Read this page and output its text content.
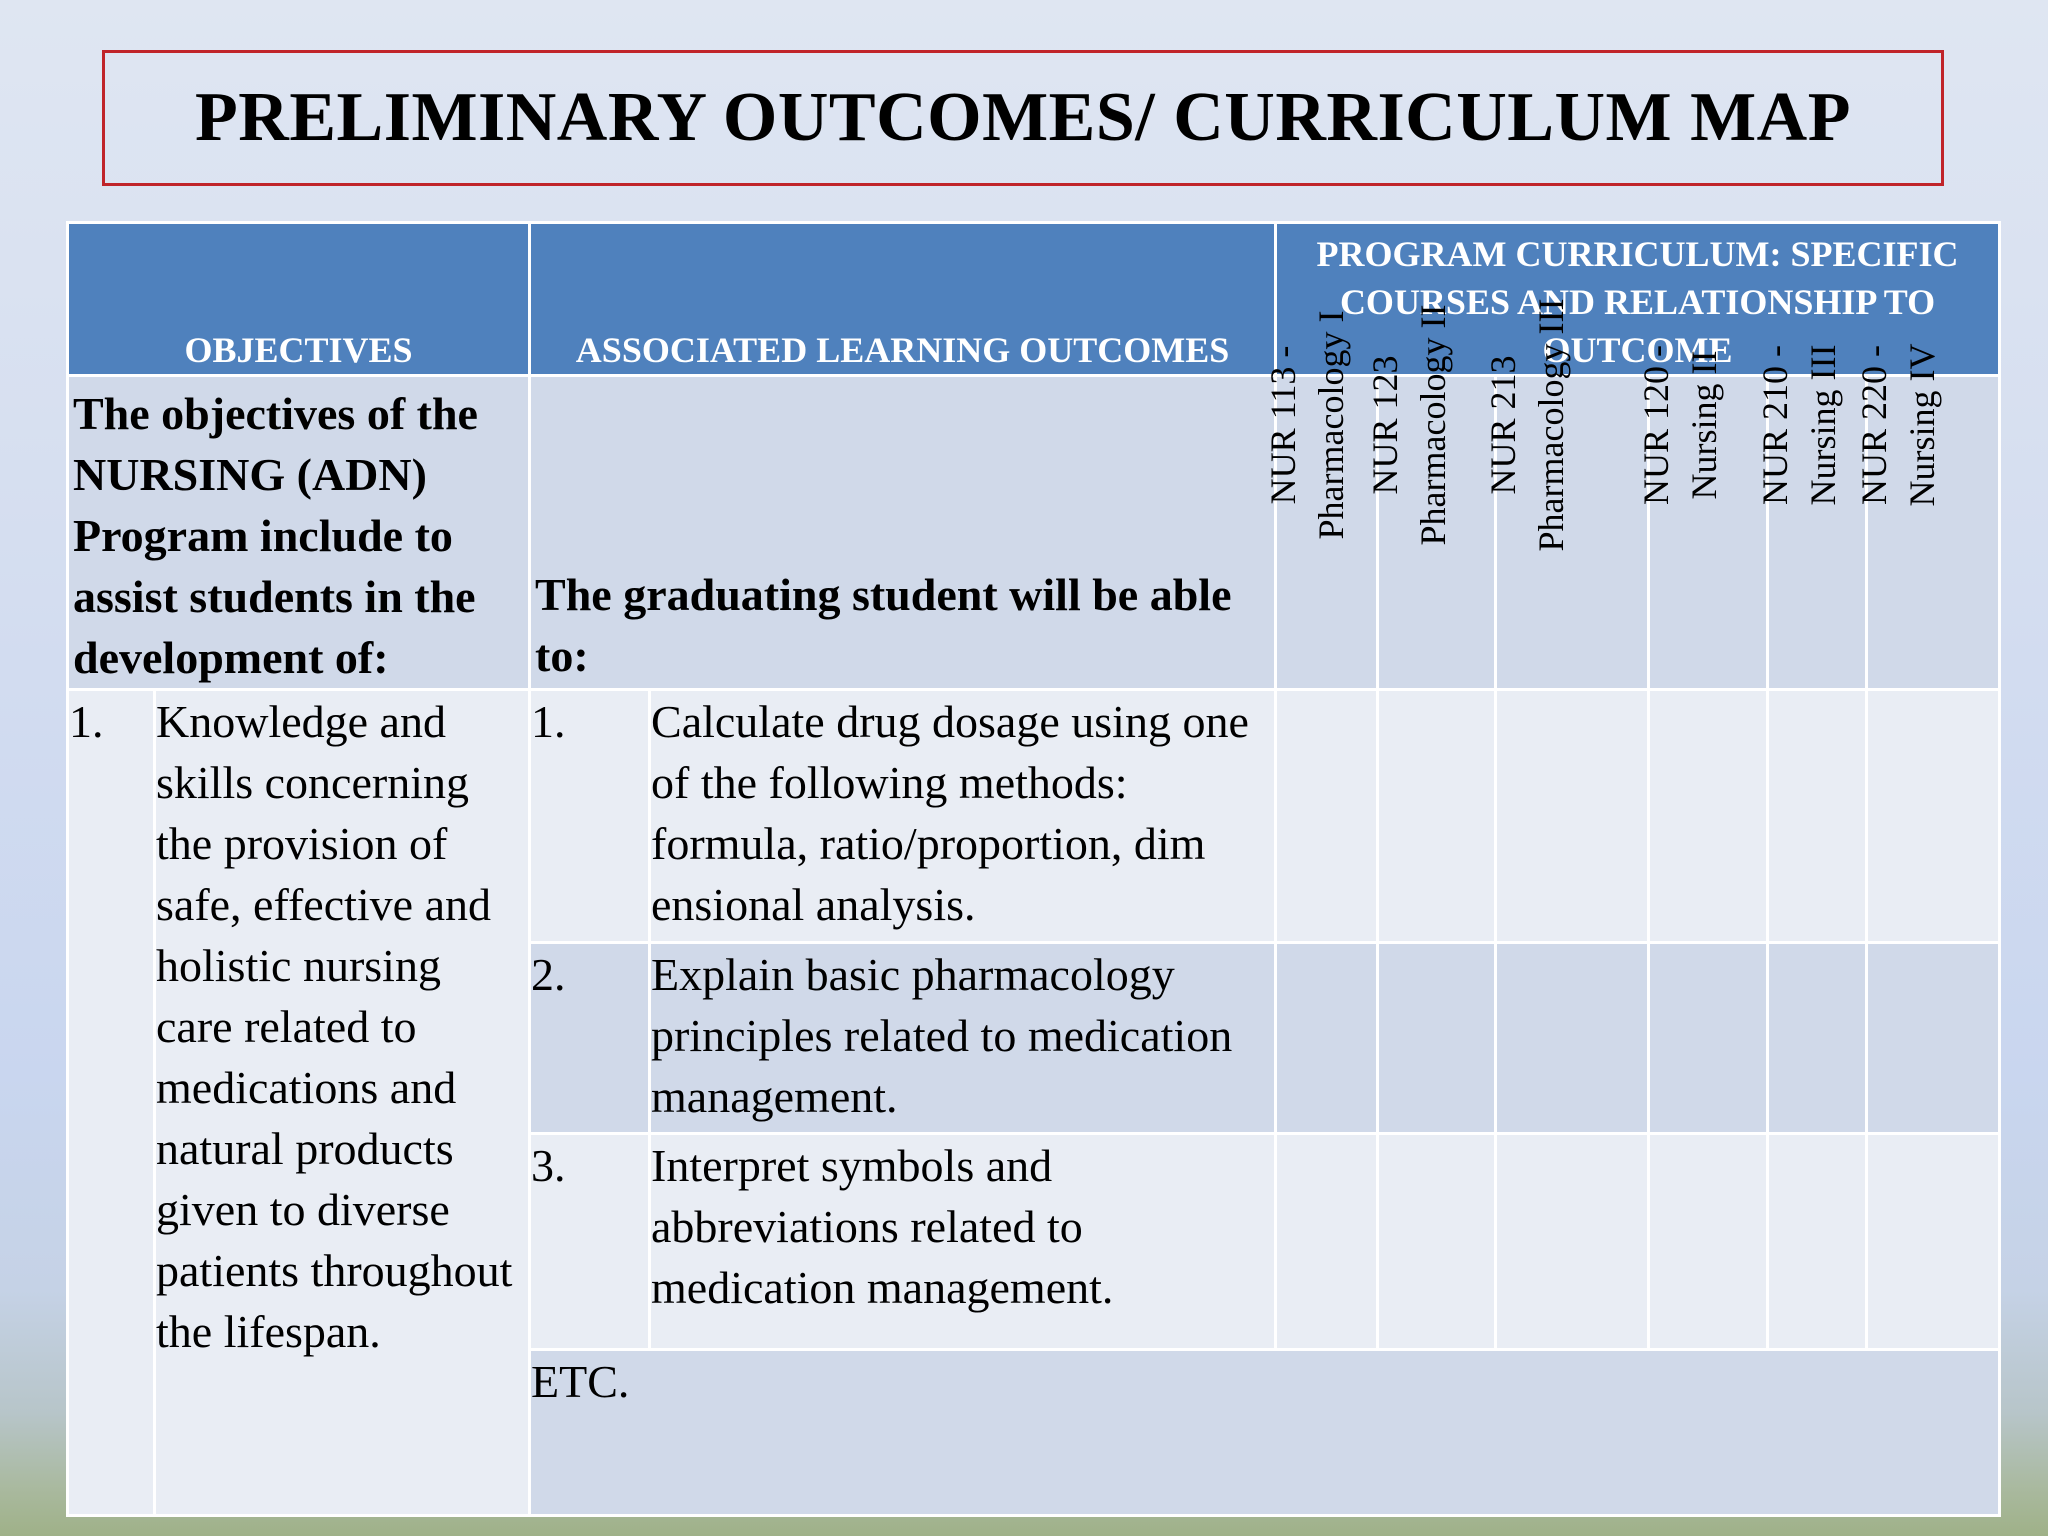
PRELIMINARY OUTCOMES/ CURRICULUM MAP
OBJECTIVES		ASSOCIATED LEARNING OUTCOMES		PROGRAM CURRICULUM: SPECIFIC COURSES AND RELATIONSHIP TO OUTCOME					
The objectives of the NURSING (ADN) Program include to assist students in the development of:		The graduating student will be able to:		NUR 113 - Pharmacology I	NUR 123 Pharmacology II	NUR 213 Pharmacology III	NUR 120 - Nursing II	NUR 210 - Nursing III	NUR 220 - Nursing IV

1.	Knowledge and skills concerning the provision of safe, effective and holistic nursing care related to medications and natural products given to diverse patients throughout the lifespan.	1.	Calculate drug dosage using one of the following methods: formula, ratio/proportion, dim ensional analysis.						
		2.	Explain basic pharmacology principles related to medication management.						
		3.	Interpret symbols and abbreviations related to medication management.						
		ETC.							
